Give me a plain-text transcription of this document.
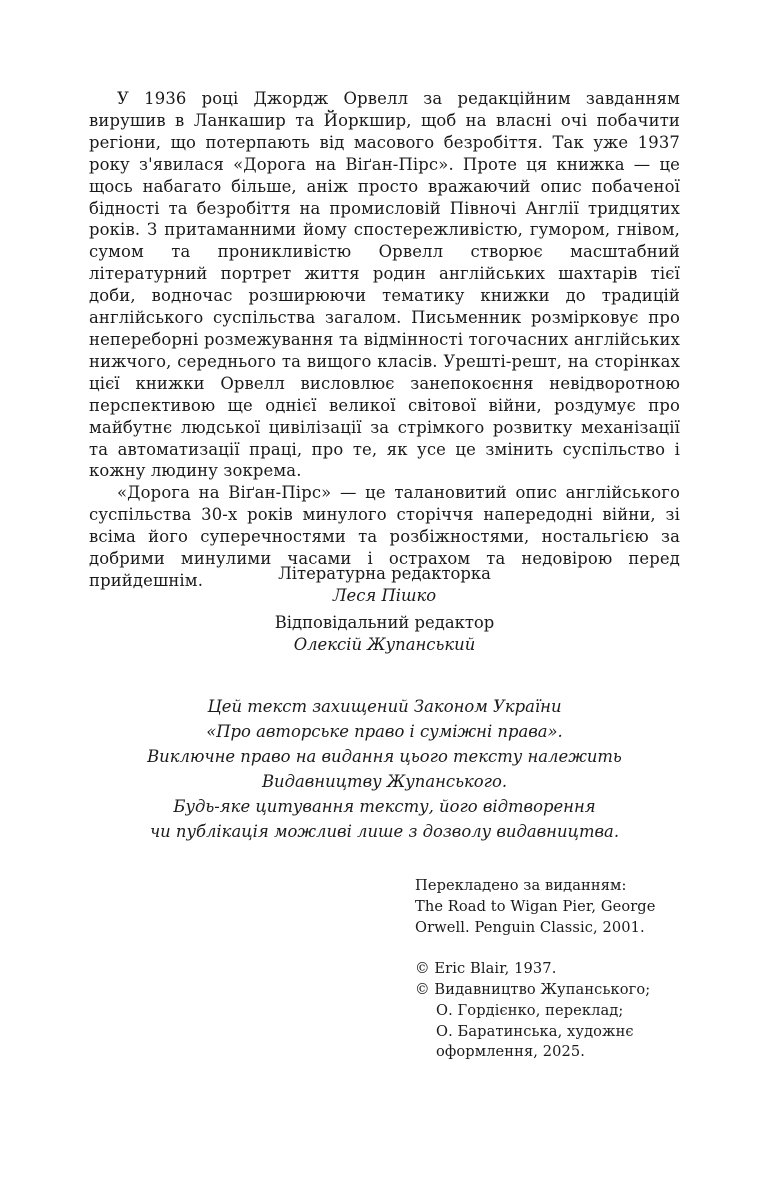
У 1936 році Джордж Орвелл за редакційним завданням вирушив в Ланкашир та Йоркшир, щоб на власні очі побачити регіони, що потерпають від масового безробіття. Так уже 1937 року з'явилася «Дорога на Віґан-Пірс». Проте ця книжка — це щось набагато більше, аніж просто вражаючий опис побаченої бідності та безробіття на промисловій Півночі Англії тридцятих років. З притаманними йому спостережливістю, гумором, гнівом, сумом та проникливістю Орвелл створює масштабний літературний портрет життя родин англійських шахтарів тієї доби, водночас розширюючи тематику книжки до традицій англійського суспільства загалом. Письменник розмірковує про непереборні розмежування та відмінності тогочасних англійських нижчого, середнього та вищого класів. Урешті-решт, на сторінках цієї книжки Орвелл висловлює занепокоєння невідворотною перспективою ще однієї великої світової війни, роздумує про майбутнє людської цивілізації за стрімкого розвитку механізації та автоматизації праці, про те, як усе це змінить суспільство і кожну людину зокрема.

«Дорога на Віґан-Пірс» — це талановитий опис англійського суспільства 30-х років минулого сторіччя напередодні війни, зі всіма його суперечностями та розбіжностями, ностальгією за добрими минулими часами і острахом та недовірою перед прийдешнім.	Літературна редакторка
Леся Пішко
Відповідальний редактор
Олексій Жупанський
Цей текст захищений Законом України
«Про авторське право і суміжні права».
Виключне право на видання цього тексту належить
Видавництву Жупанського.
Будь-яке цитування тексту, його відтворення
чи публікація можливі лише з дозволу видавництва.
Перекладено за виданням:
The Road to Wigan Pier, George
Orwell. Penguin Classic, 2001.
© Eric Blair, 1937.
© Видавництво Жупанського;
О. Гордієнко, переклад;
О. Баратинська, художнє
оформлення, 2025.
